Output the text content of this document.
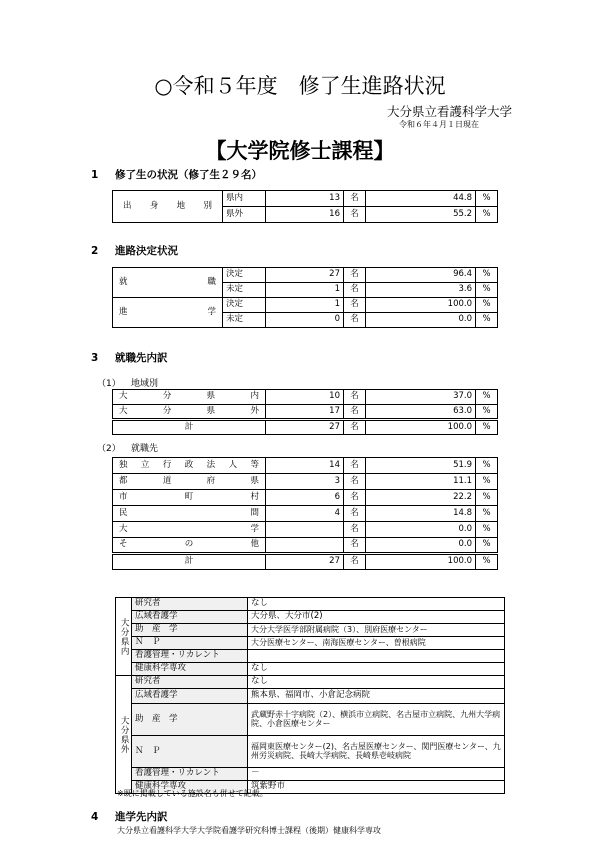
○令和５年度　修了生進路状況
大分県立看護科学大学
令和６年４月１日現在
【大学院修士課程】
1 修了生の状況（修了生２９名）
出　身　地　別	県内	13	名	44.8	%
	県外	16	名	55.2	%
2 進路決定状況
就職	決定	27	名	96.4	%
	未定	1	名	3.6	%

進学	決定	1	名	100.0	%
	未定	0	名	0.0	%
3 就職先内訳
（1） 地域別
大分県内	10	名	37.0	%

大分県外	17	名	63.0	%
計	27	名	100.0	%
（2） 就職先
独立行政法人等	14	名	51.9	%

都道府県	3	名	11.1	%

市町村	6	名	22.2	%

民間	4	名	14.8	%

大学		名	0.0	%

その他		名	0.0	%
計	27	名	100.0	%
大分県内	研究者	なし
	広域看護学	大分県、大分市(2)
	助　産　学	大分大学医学部附属病院（3）、別府医療センター
	Ｎ　Ｐ	大分医療センター、南海医療センター、曽根病院
	看護管理・リカレント	
	健康科学専攻	なし
大分県外	研究者	なし
	広域看護学	熊本県、福岡市、小倉記念病院
	助　産　学	武蔵野赤十字病院（2）、横浜市立病院、名古屋市立病院、九州大学病院、小倉医療センター
	Ｎ　Ｐ	福岡東医療センター(2)、名古屋医療センター、関門医療センター、九州労災病院、長崎大学病院、長崎県壱岐病院
	看護管理・リカレント	－
	健康科学専攻	筑紫野市
※既に掲載している施設名も併せて記載。
4 進学先内訳
大分県立看護科学大学大学院看護学研究科博士課程（後期）健康科学専攻
